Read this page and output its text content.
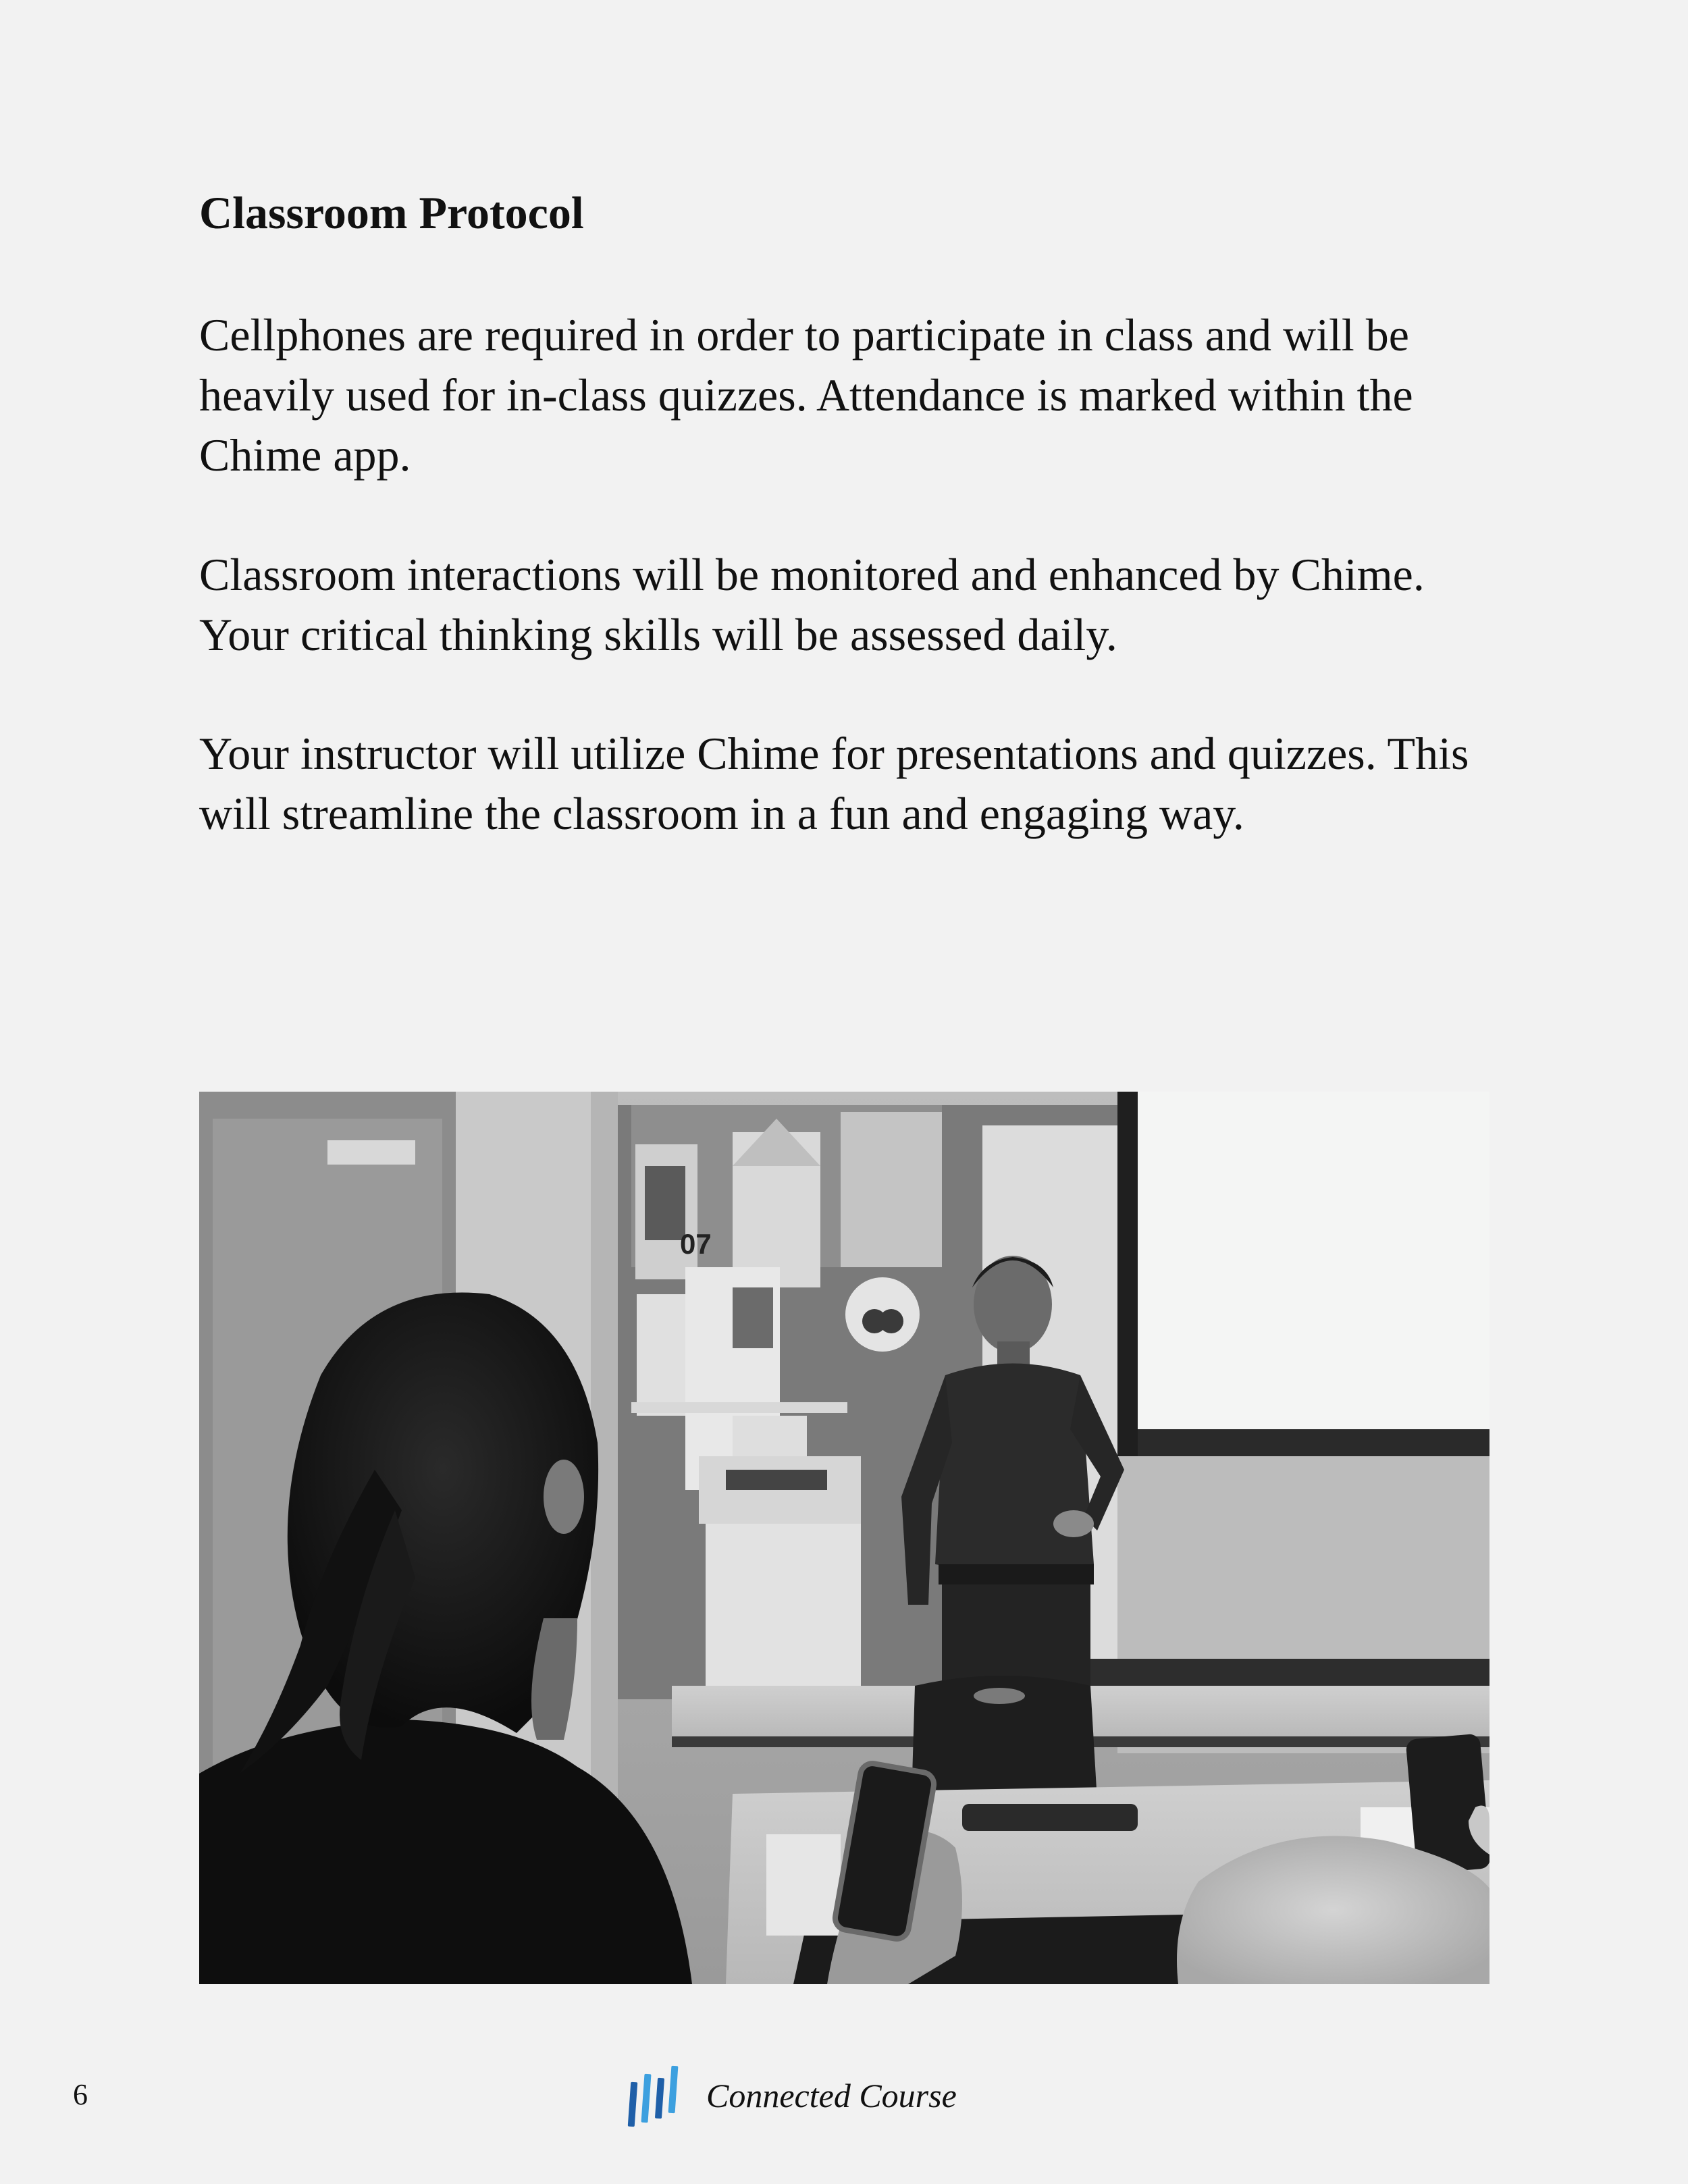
Classroom Protocol

Cellphones are required in order to participate in class and will be heavily used for in-class quizzes. Attendance is marked within the Chime app.

Classroom interactions will be monitored and enhanced by Chime. Your critical thinking skills will be assessed daily.

Your instructor will utilize Chime for presentations and quizzes. This will streamline the classroom in a fun and engaging way.

07
6	Connected Course
